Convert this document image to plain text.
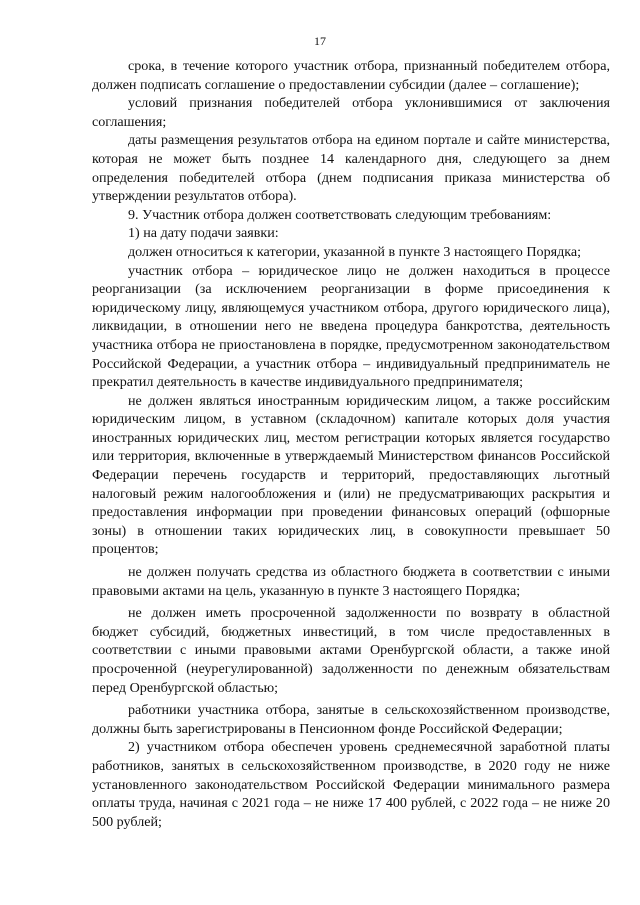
17

срока, в течение которого участник отбора, признанный победителем отбора, должен подписать соглашение о предоставлении субсидии (далее – соглашение);

условий признания победителей отбора уклонившимися от заключения соглашения;

даты размещения результатов отбора на едином портале и сайте министерства, которая не может быть позднее 14 календарного дня, следующего за днем определения победителей отбора (днем подписания приказа министерства об утверждении результатов отбора).

9. Участник отбора должен соответствовать следующим требованиям:

1) на дату подачи заявки:

должен относиться к категории, указанной в пункте 3 настоящего Порядка;

участник отбора – юридическое лицо не должен находиться в процессе реорганизации (за исключением реорганизации в форме присоединения к юридическому лицу, являющемуся участником отбора, другого юридического лица), ликвидации, в отношении него не введена процедура банкротства, деятельность участника отбора не приостановлена в порядке, предусмотренном законодательством Российской Федерации, а участник отбора – индивидуальный предприниматель не прекратил деятельность в качестве индивидуального предпринимателя;

не должен являться иностранным юридическим лицом, а также российским юридическим лицом, в уставном (складочном) капитале которых доля участия иностранных юридических лиц, местом регистрации которых является государство или территория, включенные в утверждаемый Министерством финансов Российской Федерации перечень государств и территорий, предоставляющих льготный налоговый режим налогообложения и (или) не предусматривающих раскрытия и предоставления информации при проведении финансовых операций (офшорные зоны) в отношении таких юридических лиц, в совокупности превышает 50 процентов;

не должен получать средства из областного бюджета в соответствии с иными правовыми актами на цель, указанную в пункте 3 настоящего Порядка;

не должен иметь просроченной задолженности по возврату в областной бюджет субсидий, бюджетных инвестиций, в том числе предоставленных в соответствии с иными правовыми актами Оренбургской области, а также иной просроченной (неурегулированной) задолженности по денежным обязательствам перед Оренбургской областью;

работники участника отбора, занятые в сельскохозяйственном производстве, должны быть зарегистрированы в Пенсионном фонде Российской Федерации;

2) участником отбора обеспечен уровень среднемесячной заработной платы работников, занятых в сельскохозяйственном производстве, в 2020 году не ниже установленного законодательством Российской Федерации минимального размера оплаты труда, начиная с 2021 года – не ниже 17 400 рублей, с 2022 года – не ниже 20 500 рублей;
